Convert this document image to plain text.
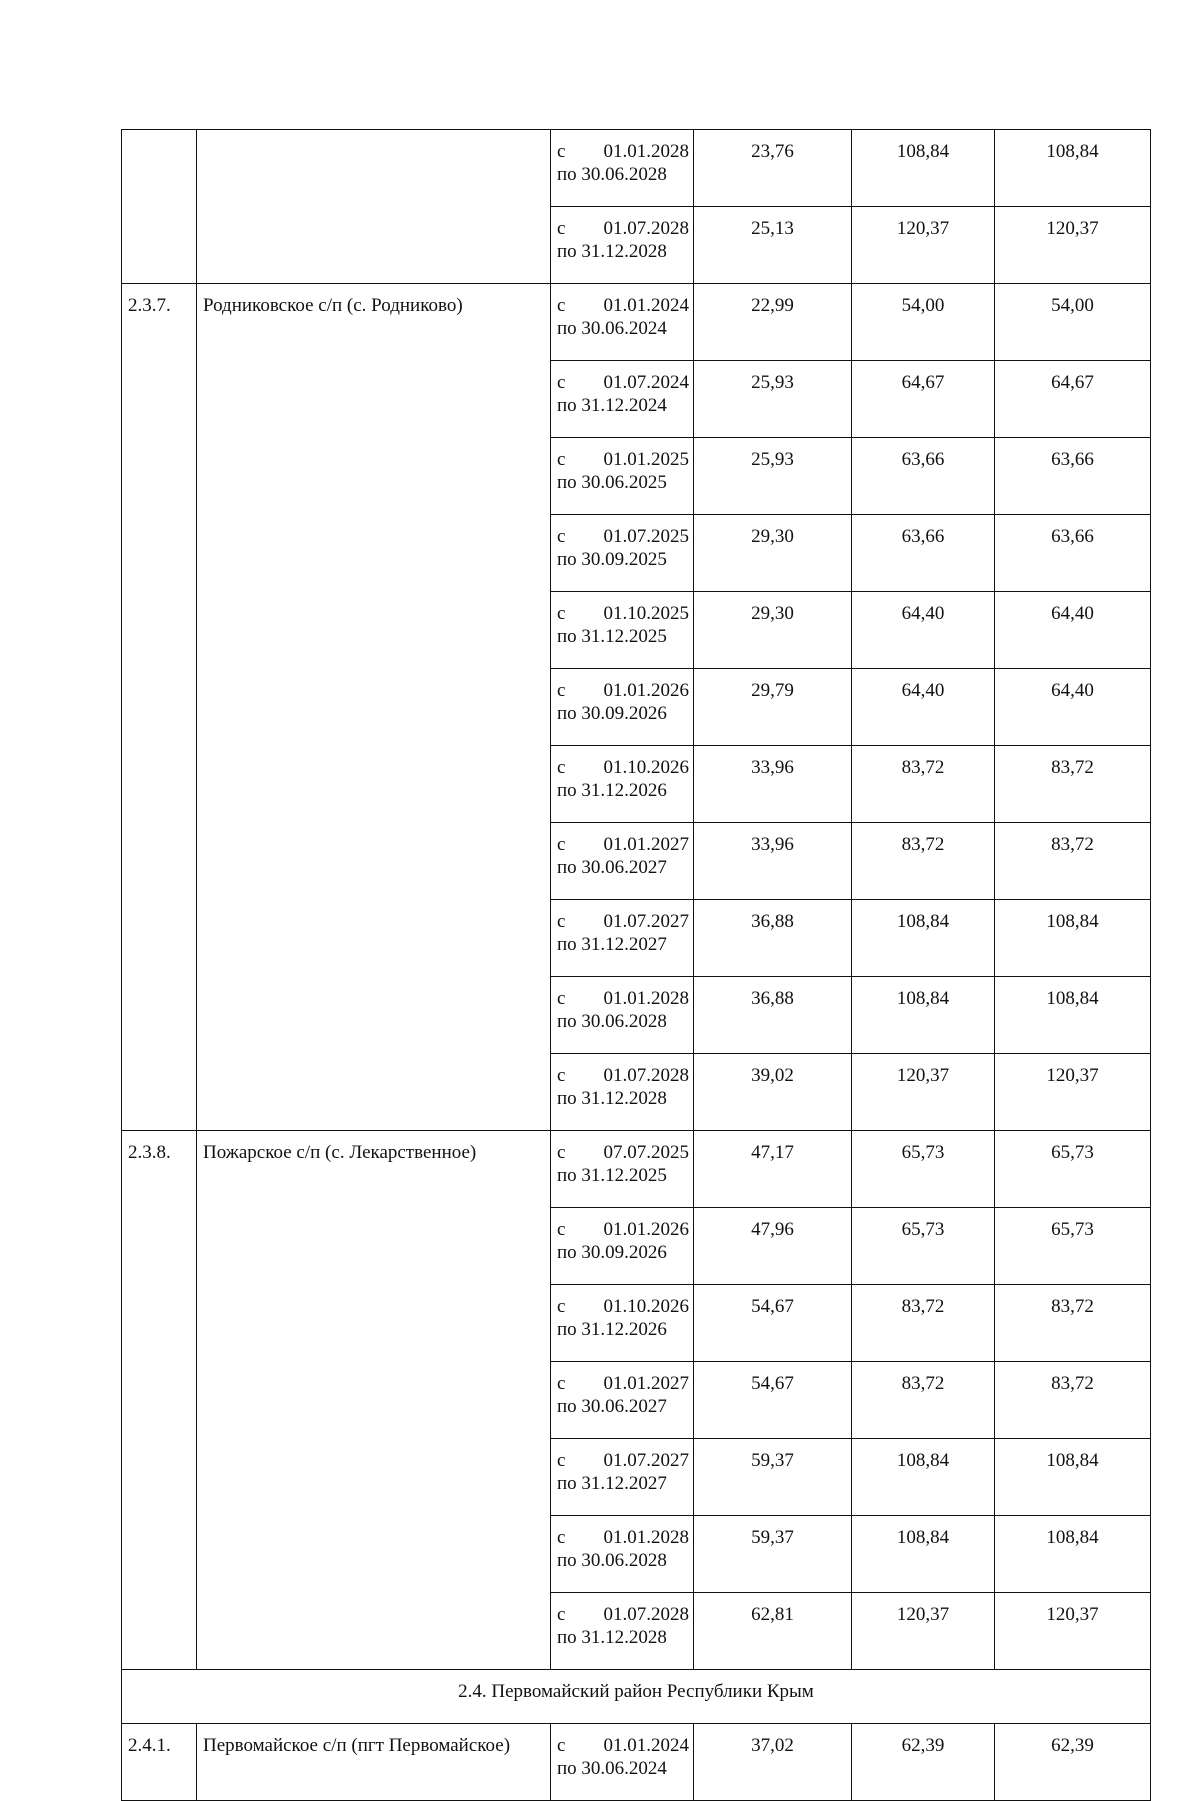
		с 01.01.2028
по 30.06.2028	23,76	108,84	108,84

		с 01.07.2028
по 31.12.2028	25,13	120,37	120,37
2.3.7.	Родниковское с/п (с. Родниково)	с 01.01.2024
по 30.06.2024	22,99	54,00	54,00

		с 01.07.2024
по 31.12.2024	25,93	64,67	64,67

		с 01.01.2025
по 30.06.2025	25,93	63,66	63,66

		с 01.07.2025
по 30.09.2025	29,30	63,66	63,66

		с 01.10.2025
по 31.12.2025	29,30	64,40	64,40

		с 01.01.2026
по 30.09.2026	29,79	64,40	64,40

		с 01.10.2026
по 31.12.2026	33,96	83,72	83,72

		с 01.01.2027
по 30.06.2027	33,96	83,72	83,72

		с 01.07.2027
по 31.12.2027	36,88	108,84	108,84

		с 01.01.2028
по 30.06.2028	36,88	108,84	108,84

		с 01.07.2028
по 31.12.2028	39,02	120,37	120,37
2.3.8.	Пожарское с/п (с. Лекарственное)	с 07.07.2025
по 31.12.2025	47,17	65,73	65,73

		с 01.01.2026
по 30.09.2026	47,96	65,73	65,73

		с 01.10.2026
по 31.12.2026	54,67	83,72	83,72

		с 01.01.2027
по 30.06.2027	54,67	83,72	83,72

		с 01.07.2027
по 31.12.2027	59,37	108,84	108,84

		с 01.01.2028
по 30.06.2028	59,37	108,84	108,84

		с 01.07.2028
по 31.12.2028	62,81	120,37	120,37
2.4. Первомайский район Республики Крым					
2.4.1.	Первомайское с/п (пгт Первомайское)	с 01.01.2024
по 30.06.2024	37,02	62,39	62,39
